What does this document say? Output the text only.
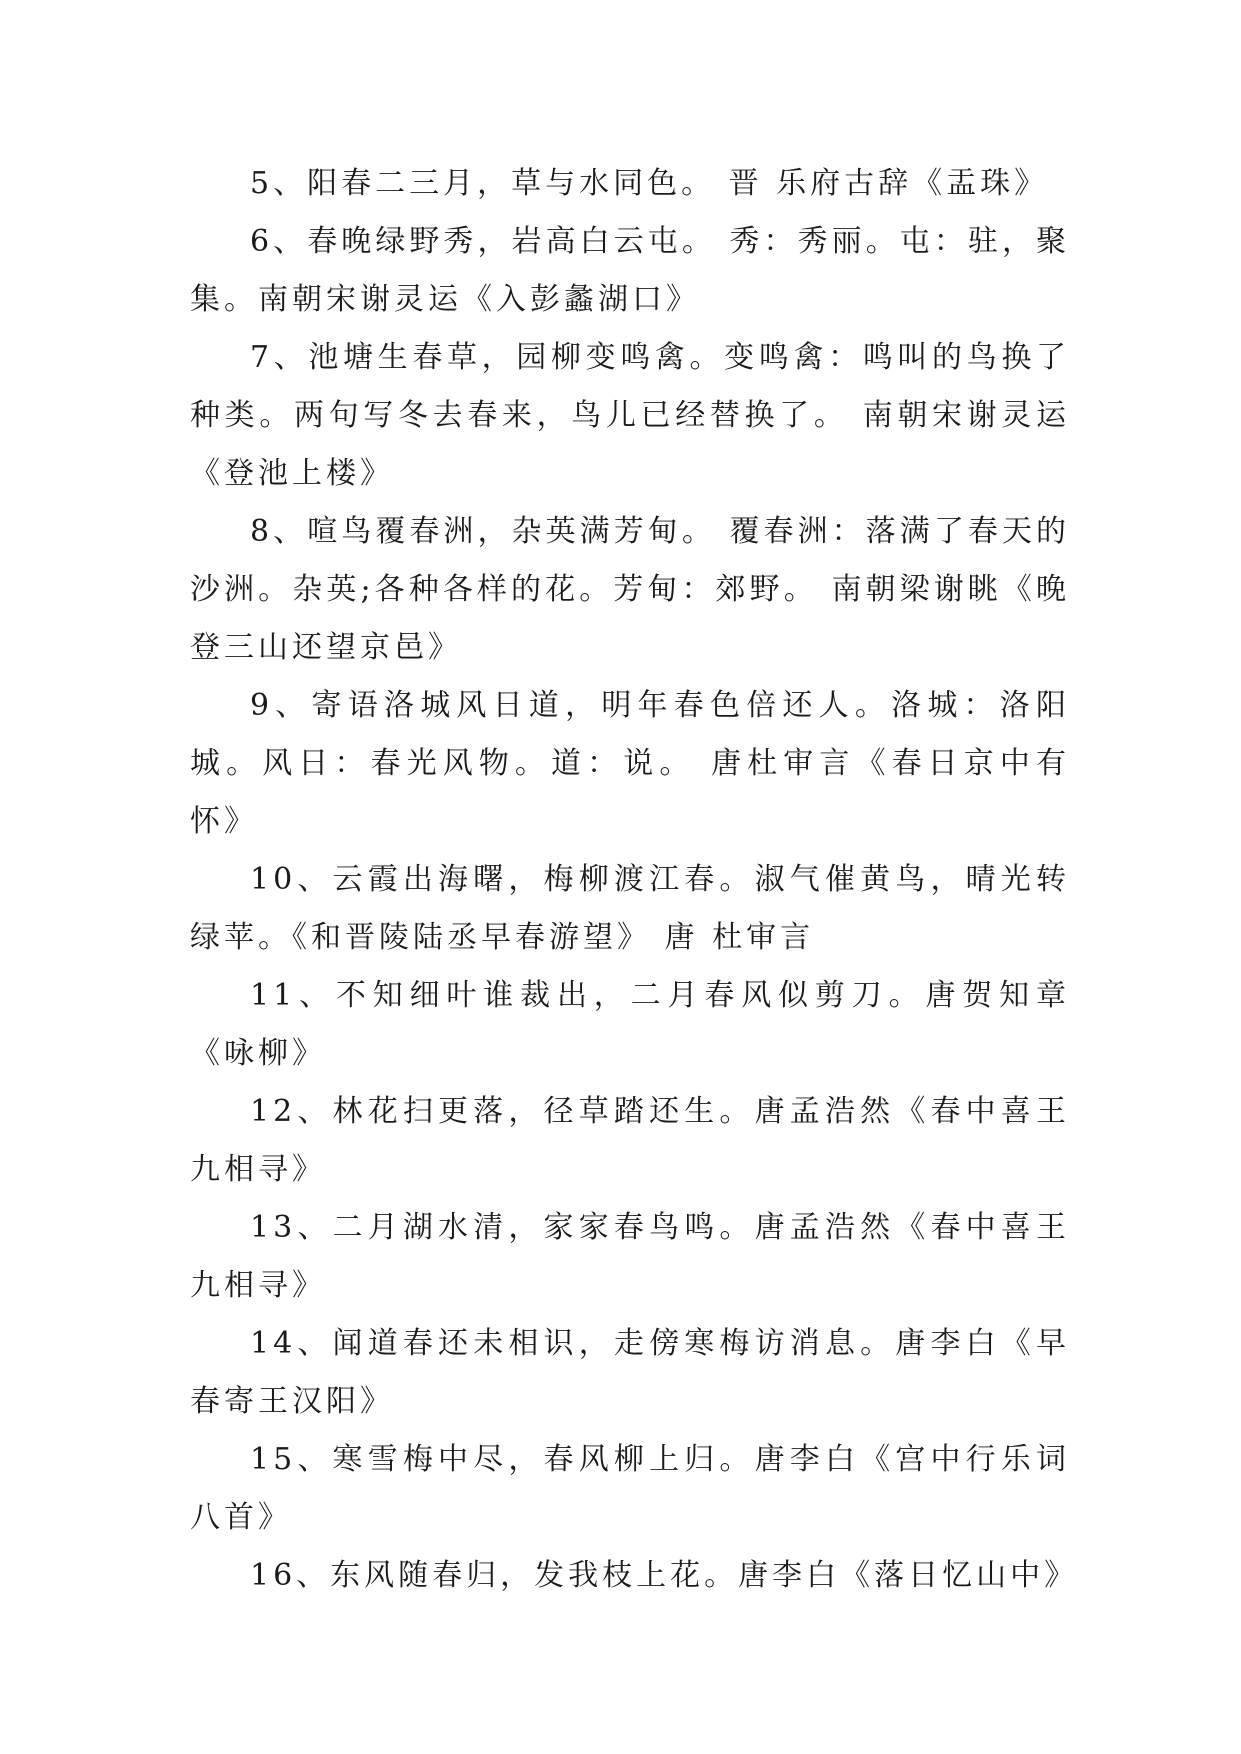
5、阳春二三月，草与水同色。 晋 乐府古辞《盂珠》

6、春晚绿野秀，岩高白云屯。 秀：秀丽。屯：驻，聚集。南朝宋谢灵运《入彭蠡湖口》

7、池塘生春草，园柳变鸣禽。变鸣禽：鸣叫的鸟换了种类。两句写冬去春来，鸟儿已经替换了。 南朝宋谢灵运《登池上楼》

8、喧鸟覆春洲，杂英满芳甸。 覆春洲：落满了春天的沙洲。杂英;各种各样的花。芳甸：郊野。 南朝梁谢眺《晚登三山还望京邑》

9、寄语洛城风日道，明年春色倍还人。洛城：洛阳城。风日：春光风物。道：说。 唐杜审言《春日京中有怀》

10、云霞出海曙，梅柳渡江春。淑气催黄鸟，晴光转绿苹。《和晋陵陆丞早春游望》 唐 杜审言

11、不知细叶谁裁出，二月春风似剪刀。唐贺知章《咏柳》

12、林花扫更落，径草踏还生。唐孟浩然《春中喜王九相寻》

13、二月湖水清，家家春鸟鸣。唐孟浩然《春中喜王九相寻》

14、闻道春还未相识，走傍寒梅访消息。唐李白《早春寄王汉阳》

15、寒雪梅中尽，春风柳上归。唐李白《宫中行乐词八首》

16、东风随春归，发我枝上花。唐李白《落日忆山中》
